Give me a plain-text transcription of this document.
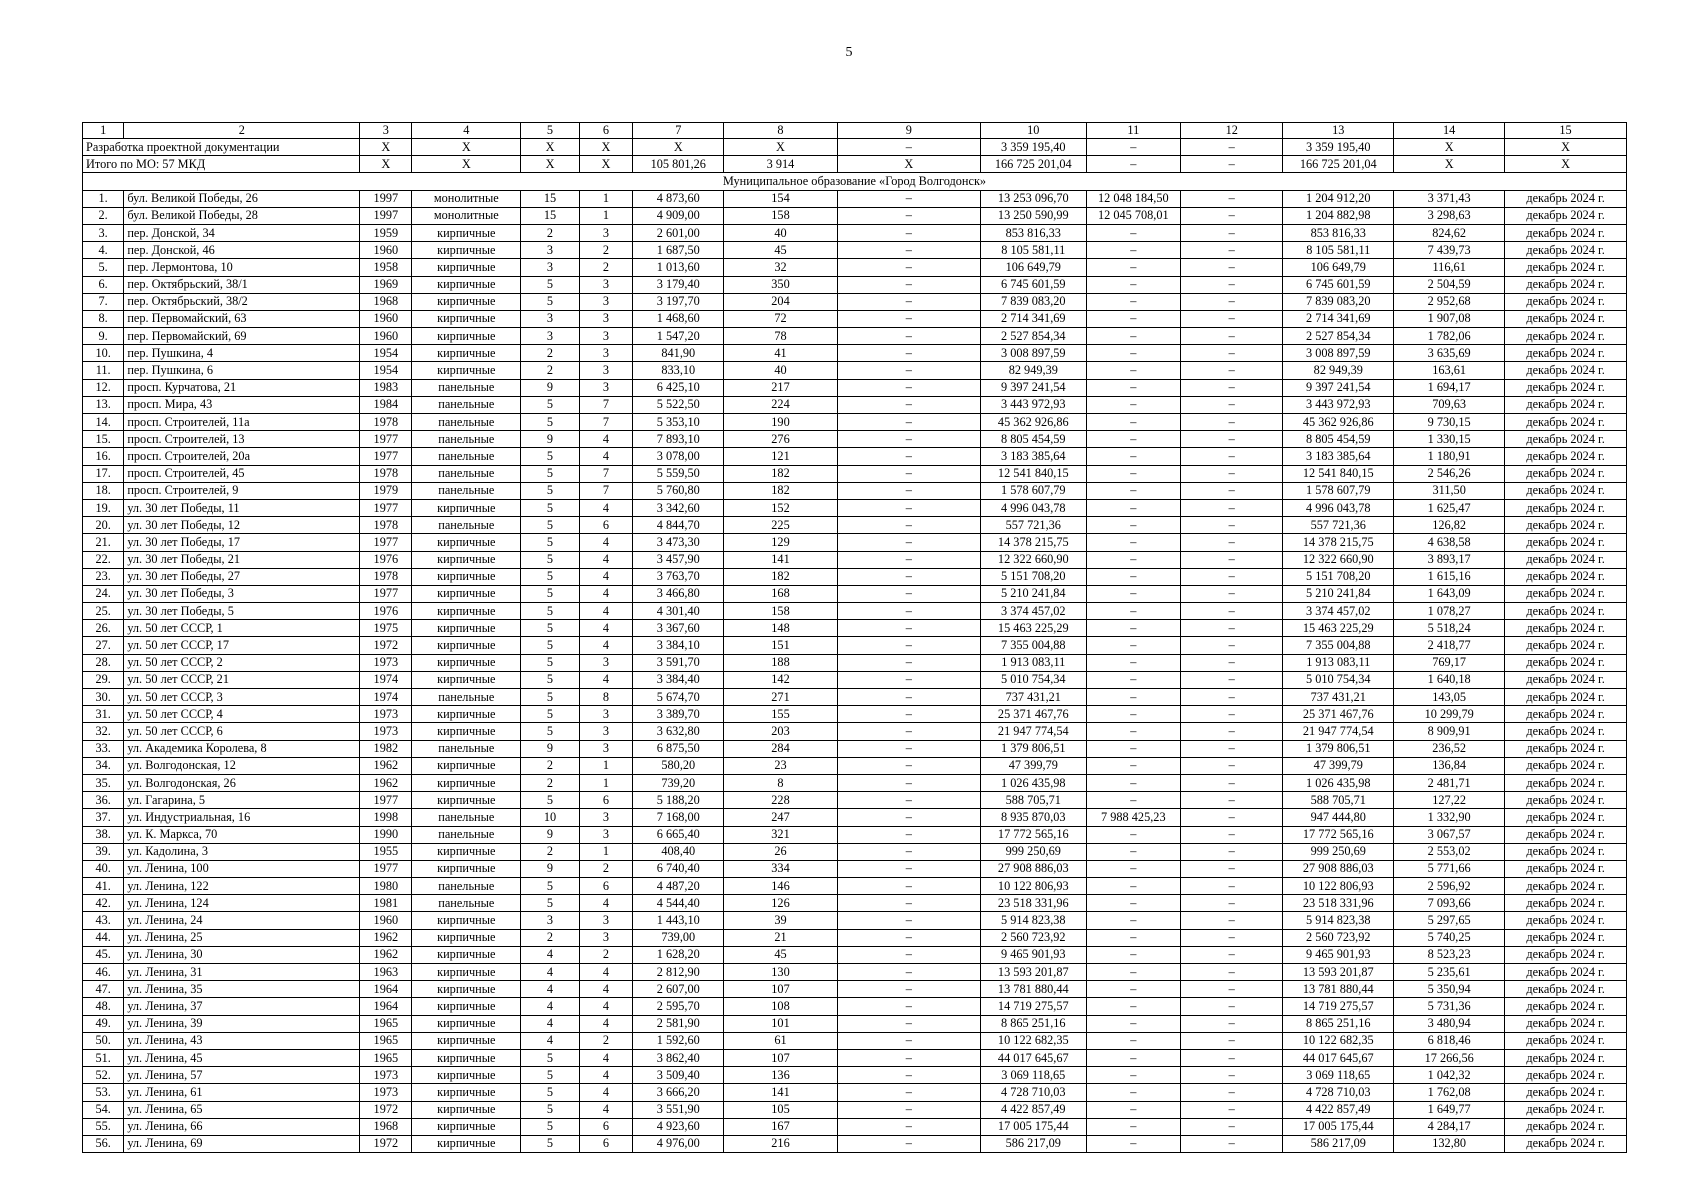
5
1	2	3	4	5	6	7	8	9	10	11	12	13	14	15
Разработка проектной документации		X	X	X	X	X	X	–	3 359 195,40	–	–	3 359 195,40	X	X
Итого по МО: 57 МКД		X	X	X	X	105 801,26	3 914	X	166 725 201,04	–	–	166 725 201,04	X	X
Муниципальное образование «Город Волгодонск»														
1.	бул. Великой Победы, 26	1997	монолитные	15	1	4 873,60	154	–	13 253 096,70	12 048 184,50	–	1 204 912,20	3 371,43	декабрь 2024 г.
2.	бул. Великой Победы, 28	1997	монолитные	15	1	4 909,00	158	–	13 250 590,99	12 045 708,01	–	1 204 882,98	3 298,63	декабрь 2024 г.
3.	пер. Донской, 34	1959	кирпичные	2	3	2 601,00	40	–	853 816,33	–	–	853 816,33	824,62	декабрь 2024 г.
4.	пер. Донской, 46	1960	кирпичные	3	2	1 687,50	45	–	8 105 581,11	–	–	8 105 581,11	7 439,73	декабрь 2024 г.
5.	пер. Лермонтова, 10	1958	кирпичные	3	2	1 013,60	32	–	106 649,79	–	–	106 649,79	116,61	декабрь 2024 г.
6.	пер. Октябрьский, 38/1	1969	кирпичные	5	3	3 179,40	350	–	6 745 601,59	–	–	6 745 601,59	2 504,59	декабрь 2024 г.
7.	пер. Октябрьский, 38/2	1968	кирпичные	5	3	3 197,70	204	–	7 839 083,20	–	–	7 839 083,20	2 952,68	декабрь 2024 г.
8.	пер. Первомайский, 63	1960	кирпичные	3	3	1 468,60	72	–	2 714 341,69	–	–	2 714 341,69	1 907,08	декабрь 2024 г.
9.	пер. Первомайский, 69	1960	кирпичные	3	3	1 547,20	78	–	2 527 854,34	–	–	2 527 854,34	1 782,06	декабрь 2024 г.
10.	пер. Пушкина, 4	1954	кирпичные	2	3	841,90	41	–	3 008 897,59	–	–	3 008 897,59	3 635,69	декабрь 2024 г.
11.	пер. Пушкина, 6	1954	кирпичные	2	3	833,10	40	–	82 949,39	–	–	82 949,39	163,61	декабрь 2024 г.
12.	просп. Курчатова, 21	1983	панельные	9	3	6 425,10	217	–	9 397 241,54	–	–	9 397 241,54	1 694,17	декабрь 2024 г.
13.	просп. Мира, 43	1984	панельные	5	7	5 522,50	224	–	3 443 972,93	–	–	3 443 972,93	709,63	декабрь 2024 г.
14.	просп. Строителей, 11а	1978	панельные	5	7	5 353,10	190	–	45 362 926,86	–	–	45 362 926,86	9 730,15	декабрь 2024 г.
15.	просп. Строителей, 13	1977	панельные	9	4	7 893,10	276	–	8 805 454,59	–	–	8 805 454,59	1 330,15	декабрь 2024 г.
16.	просп. Строителей, 20а	1977	панельные	5	4	3 078,00	121	–	3 183 385,64	–	–	3 183 385,64	1 180,91	декабрь 2024 г.
17.	просп. Строителей, 45	1978	панельные	5	7	5 559,50	182	–	12 541 840,15	–	–	12 541 840,15	2 546,26	декабрь 2024 г.
18.	просп. Строителей, 9	1979	панельные	5	7	5 760,80	182	–	1 578 607,79	–	–	1 578 607,79	311,50	декабрь 2024 г.
19.	ул. 30 лет Победы, 11	1977	кирпичные	5	4	3 342,60	152	–	4 996 043,78	–	–	4 996 043,78	1 625,47	декабрь 2024 г.
20.	ул. 30 лет Победы, 12	1978	панельные	5	6	4 844,70	225	–	557 721,36	–	–	557 721,36	126,82	декабрь 2024 г.
21.	ул. 30 лет Победы, 17	1977	кирпичные	5	4	3 473,30	129	–	14 378 215,75	–	–	14 378 215,75	4 638,58	декабрь 2024 г.
22.	ул. 30 лет Победы, 21	1976	кирпичные	5	4	3 457,90	141	–	12 322 660,90	–	–	12 322 660,90	3 893,17	декабрь 2024 г.
23.	ул. 30 лет Победы, 27	1978	кирпичные	5	4	3 763,70	182	–	5 151 708,20	–	–	5 151 708,20	1 615,16	декабрь 2024 г.
24.	ул. 30 лет Победы, 3	1977	кирпичные	5	4	3 466,80	168	–	5 210 241,84	–	–	5 210 241,84	1 643,09	декабрь 2024 г.
25.	ул. 30 лет Победы, 5	1976	кирпичные	5	4	4 301,40	158	–	3 374 457,02	–	–	3 374 457,02	1 078,27	декабрь 2024 г.
26.	ул. 50 лет СССР, 1	1975	кирпичные	5	4	3 367,60	148	–	15 463 225,29	–	–	15 463 225,29	5 518,24	декабрь 2024 г.
27.	ул. 50 лет СССР, 17	1972	кирпичные	5	4	3 384,10	151	–	7 355 004,88	–	–	7 355 004,88	2 418,77	декабрь 2024 г.
28.	ул. 50 лет СССР, 2	1973	кирпичные	5	3	3 591,70	188	–	1 913 083,11	–	–	1 913 083,11	769,17	декабрь 2024 г.
29.	ул. 50 лет СССР, 21	1974	кирпичные	5	4	3 384,40	142	–	5 010 754,34	–	–	5 010 754,34	1 640,18	декабрь 2024 г.
30.	ул. 50 лет СССР, 3	1974	панельные	5	8	5 674,70	271	–	737 431,21	–	–	737 431,21	143,05	декабрь 2024 г.
31.	ул. 50 лет СССР, 4	1973	кирпичные	5	3	3 389,70	155	–	25 371 467,76	–	–	25 371 467,76	10 299,79	декабрь 2024 г.
32.	ул. 50 лет СССР, 6	1973	кирпичные	5	3	3 632,80	203	–	21 947 774,54	–	–	21 947 774,54	8 909,91	декабрь 2024 г.
33.	ул. Академика Королева, 8	1982	панельные	9	3	6 875,50	284	–	1 379 806,51	–	–	1 379 806,51	236,52	декабрь 2024 г.
34.	ул. Волгодонская, 12	1962	кирпичные	2	1	580,20	23	–	47 399,79	–	–	47 399,79	136,84	декабрь 2024 г.
35.	ул. Волгодонская, 26	1962	кирпичные	2	1	739,20	8	–	1 026 435,98	–	–	1 026 435,98	2 481,71	декабрь 2024 г.
36.	ул. Гагарина, 5	1977	кирпичные	5	6	5 188,20	228	–	588 705,71	–	–	588 705,71	127,22	декабрь 2024 г.
37.	ул. Индустриальная, 16	1998	панельные	10	3	7 168,00	247	–	8 935 870,03	7 988 425,23	–	947 444,80	1 332,90	декабрь 2024 г.
38.	ул. К. Маркса, 70	1990	панельные	9	3	6 665,40	321	–	17 772 565,16	–	–	17 772 565,16	3 067,57	декабрь 2024 г.
39.	ул. Кадолина, 3	1955	кирпичные	2	1	408,40	26	–	999 250,69	–	–	999 250,69	2 553,02	декабрь 2024 г.
40.	ул. Ленина, 100	1977	кирпичные	9	2	6 740,40	334	–	27 908 886,03	–	–	27 908 886,03	5 771,66	декабрь 2024 г.
41.	ул. Ленина, 122	1980	панельные	5	6	4 487,20	146	–	10 122 806,93	–	–	10 122 806,93	2 596,92	декабрь 2024 г.
42.	ул. Ленина, 124	1981	панельные	5	4	4 544,40	126	–	23 518 331,96	–	–	23 518 331,96	7 093,66	декабрь 2024 г.
43.	ул. Ленина, 24	1960	кирпичные	3	3	1 443,10	39	–	5 914 823,38	–	–	5 914 823,38	5 297,65	декабрь 2024 г.
44.	ул. Ленина, 25	1962	кирпичные	2	3	739,00	21	–	2 560 723,92	–	–	2 560 723,92	5 740,25	декабрь 2024 г.
45.	ул. Ленина, 30	1962	кирпичные	4	2	1 628,20	45	–	9 465 901,93	–	–	9 465 901,93	8 523,23	декабрь 2024 г.
46.	ул. Ленина, 31	1963	кирпичные	4	4	2 812,90	130	–	13 593 201,87	–	–	13 593 201,87	5 235,61	декабрь 2024 г.
47.	ул. Ленина, 35	1964	кирпичные	4	4	2 607,00	107	–	13 781 880,44	–	–	13 781 880,44	5 350,94	декабрь 2024 г.
48.	ул. Ленина, 37	1964	кирпичные	4	4	2 595,70	108	–	14 719 275,57	–	–	14 719 275,57	5 731,36	декабрь 2024 г.
49.	ул. Ленина, 39	1965	кирпичные	4	4	2 581,90	101	–	8 865 251,16	–	–	8 865 251,16	3 480,94	декабрь 2024 г.
50.	ул. Ленина, 43	1965	кирпичные	4	2	1 592,60	61	–	10 122 682,35	–	–	10 122 682,35	6 818,46	декабрь 2024 г.
51.	ул. Ленина, 45	1965	кирпичные	5	4	3 862,40	107	–	44 017 645,67	–	–	44 017 645,67	17 266,56	декабрь 2024 г.
52.	ул. Ленина, 57	1973	кирпичные	5	4	3 509,40	136	–	3 069 118,65	–	–	3 069 118,65	1 042,32	декабрь 2024 г.
53.	ул. Ленина, 61	1973	кирпичные	5	4	3 666,20	141	–	4 728 710,03	–	–	4 728 710,03	1 762,08	декабрь 2024 г.
54.	ул. Ленина, 65	1972	кирпичные	5	4	3 551,90	105	–	4 422 857,49	–	–	4 422 857,49	1 649,77	декабрь 2024 г.
55.	ул. Ленина, 66	1968	кирпичные	5	6	4 923,60	167	–	17 005 175,44	–	–	17 005 175,44	4 284,17	декабрь 2024 г.
56.	ул. Ленина, 69	1972	кирпичные	5	6	4 976,00	216	–	586 217,09	–	–	586 217,09	132,80	декабрь 2024 г.
